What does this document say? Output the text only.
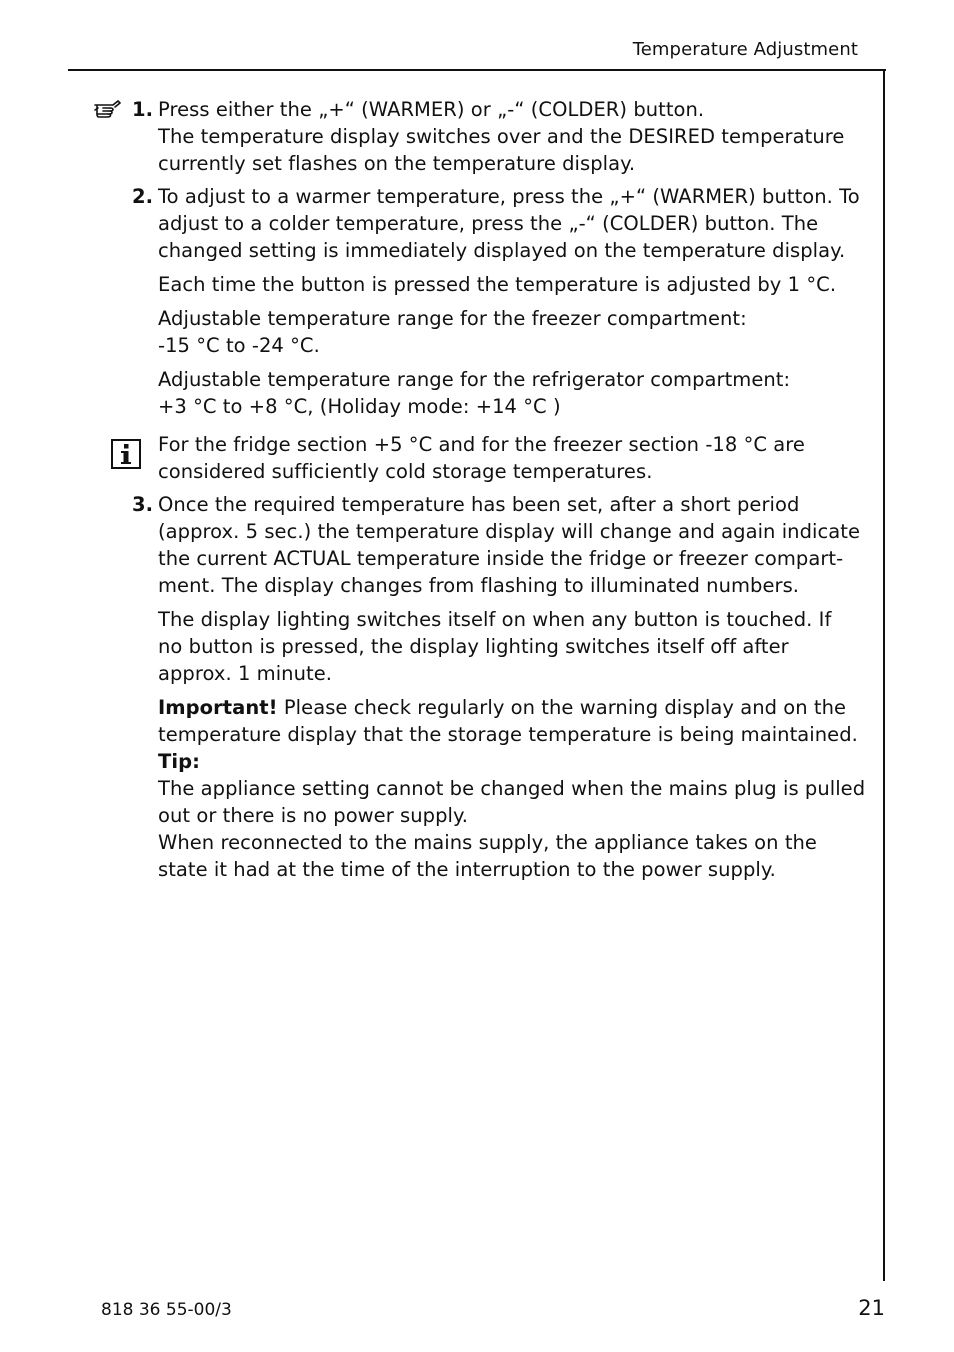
Temperature Adjustment
1. Press either the „+“ (WARMER) or „-“ (COLDER) button.
The temperature display switches over and the DESIRED temperature
currently set flashes on the temperature display.
2. To adjust to a warmer temperature, press the „+“ (WARMER) button. To
adjust to a colder temperature, press the „-“ (COLDER) button. The
changed setting is immediately displayed on the temperature display.
Each time the button is pressed the temperature is adjusted by 1 °C.
Adjustable temperature range for the freezer compartment:
-15 °C to -24 °C.
Adjustable temperature range for the refrigerator compartment:
+3 °C to +8 °C, (Holiday mode: +14 °C )
For the fridge section +5 °C and for the freezer section -18 °C are
considered sufficiently cold storage temperatures.
3. Once the required temperature has been set, after a short period
(approx. 5 sec.) the temperature display will change and again indicate
the current ACTUAL temperature inside the fridge or freezer compart-
ment. The display changes from flashing to illuminated numbers.
The display lighting switches itself on when any button is touched. If
no button is pressed, the display lighting switches itself off after
approx. 1 minute.
Important! Please check regularly on the warning display and on the
temperature display that the storage temperature is being maintained.
Tip:
The appliance setting cannot be changed when the mains plug is pulled
out or there is no power supply.
When reconnected to the mains supply, the appliance takes on the
state it had at the time of the interruption to the power supply.
818 36 55-00/3	21
